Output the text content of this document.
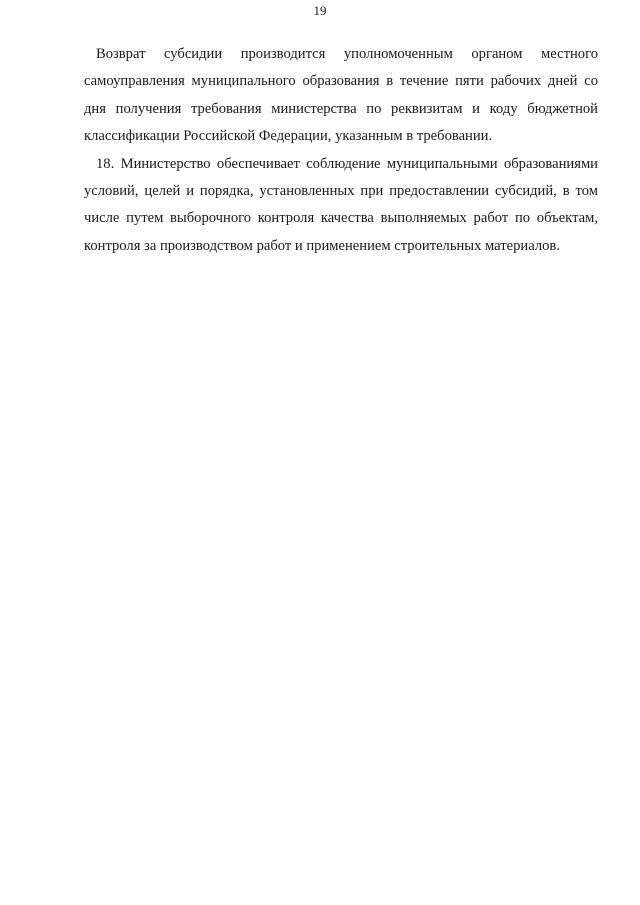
19

Возврат субсидии производится уполномоченным органом местного самоуправления муниципального образования в течение пяти рабочих дней со дня получения требования министерства по реквизитам и коду бюджетной классификации Российской Федерации, указанным в требовании.

18. Министерство обеспечивает соблюдение муниципальными образованиями условий, целей и порядка, установленных при предоставлении субсидий, в том числе путем выборочного контроля качества выполняемых работ по объектам, контроля за производством работ и применением строительных материалов.
